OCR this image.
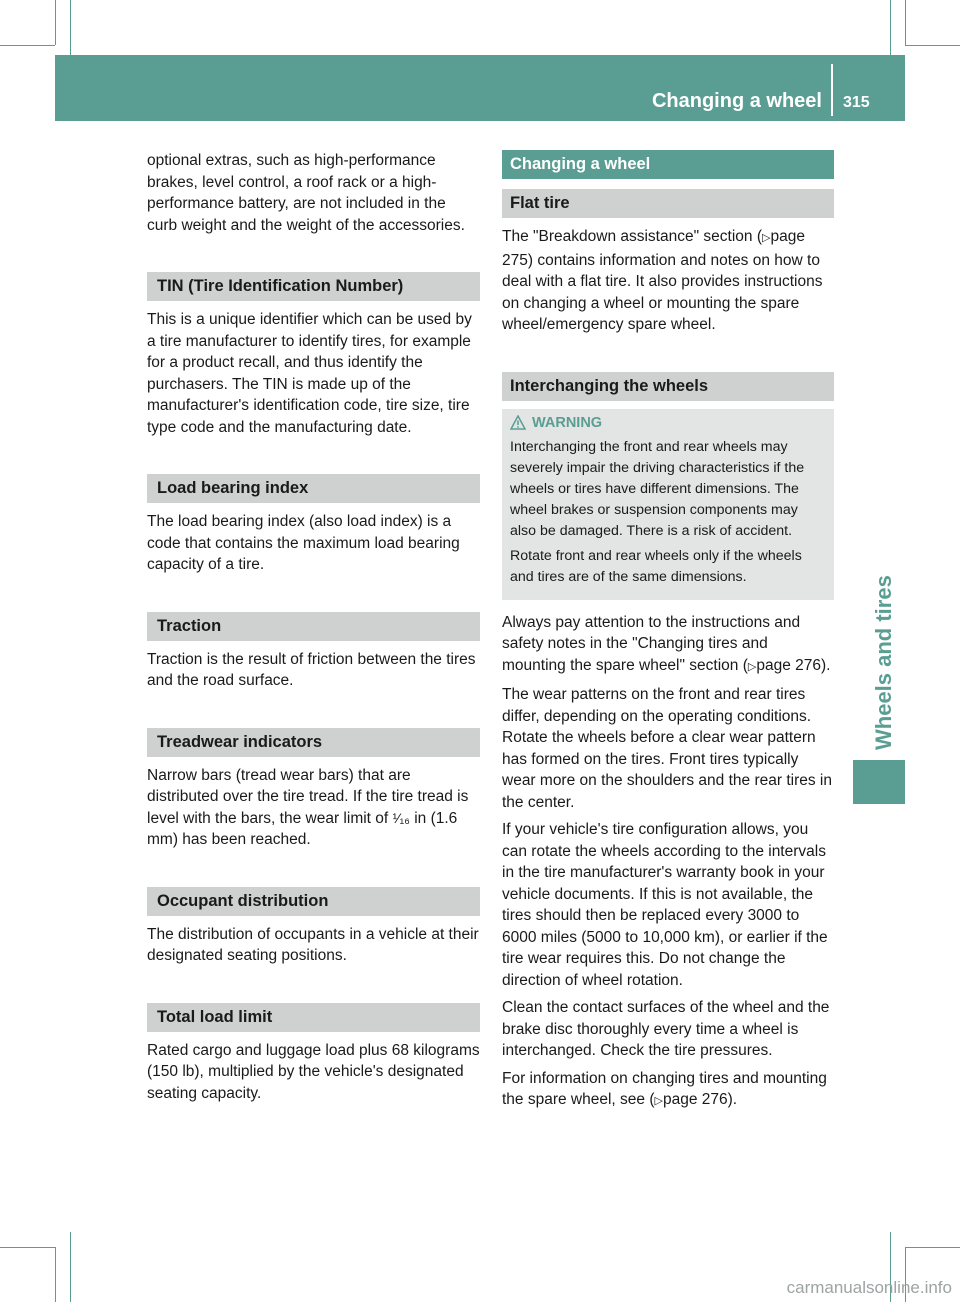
Changing a wheel 315
Wheels and tires

optional extras, such as high-performance brakes, level control, a roof rack or a high-performance battery, are not included in the curb weight and the weight of the accessories.

TIN (Tire Identification Number)

This is a unique identifier which can be used by a tire manufacturer to identify tires, for example for a product recall, and thus identify the purchasers. The TIN is made up of the manufacturer's identification code, tire size, tire type code and the manufacturing date.

Load bearing index

The load bearing index (also load index) is a code that contains the maximum load bearing capacity of a tire.

Traction

Traction is the result of friction between the tires and the road surface.

Treadwear indicators

Narrow bars (tread wear bars) that are distributed over the tire tread. If the tire tread is level with the bars, the wear limit of ¹⁄₁₆ in (1.6 mm) has been reached.

Occupant distribution

The distribution of occupants in a vehicle at their designated seating positions.

Total load limit

Rated cargo and luggage load plus 68 kilograms (150 lb), multiplied by the vehicle's designated seating capacity.

Changing a wheel
Flat tire

The "Breakdown assistance" section (▷page 275) contains information and notes on how to deal with a flat tire. It also provides instructions on changing a wheel or mounting the spare wheel/emergency spare wheel.

Interchanging the wheels
WARNING

Interchanging the front and rear wheels may severely impair the driving characteristics if the wheels or tires have different dimensions. The wheel brakes or suspension components may also be damaged. There is a risk of accident.

Rotate front and rear wheels only if the wheels and tires are of the same dimensions.

Always pay attention to the instructions and safety notes in the "Changing tires and mounting the spare wheel" section (▷page 276).

The wear patterns on the front and rear tires differ, depending on the operating conditions. Rotate the wheels before a clear wear pattern has formed on the tires. Front tires typically wear more on the shoulders and the rear tires in the center.

If your vehicle's tire configuration allows, you can rotate the wheels according to the intervals in the tire manufacturer's warranty book in your vehicle documents. If this is not available, the tires should then be replaced every 3000 to 6000 miles (5000 to 10,000 km), or earlier if the tire wear requires this. Do not change the direction of wheel rotation.

Clean the contact surfaces of the wheel and the brake disc thoroughly every time a wheel is interchanged. Check the tire pressures.

For information on changing tires and mounting the spare wheel, see (▷page 276).

carmanualsonline.info
